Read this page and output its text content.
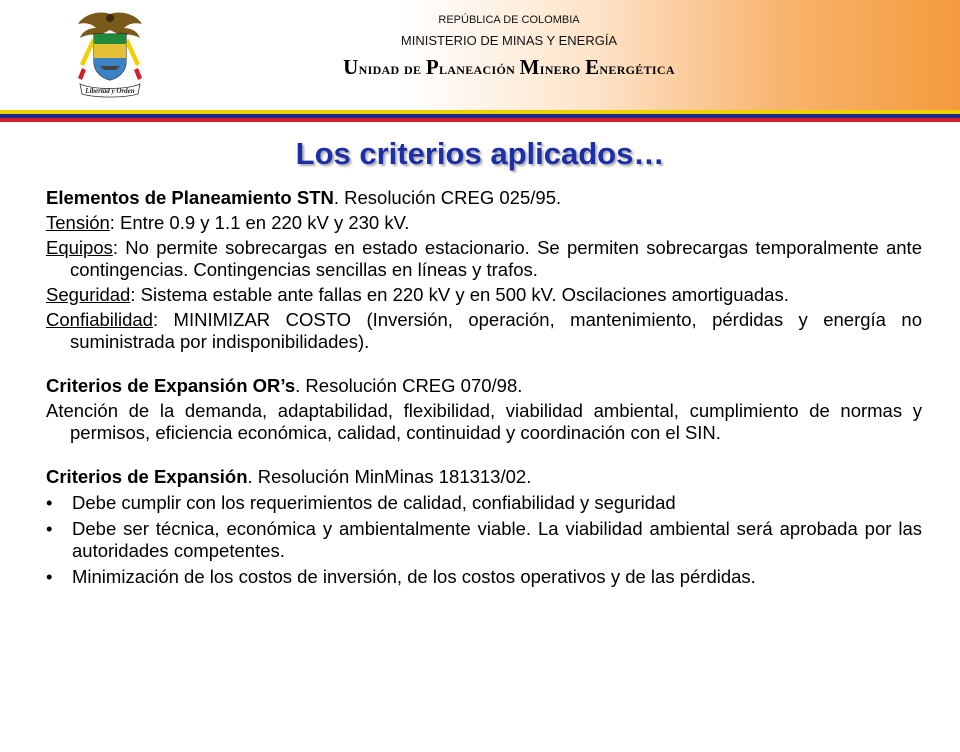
Libertad y Orden
REPÚBLICA DE COLOMBIA
MINISTERIO DE MINAS Y ENERGÍA
Unidad de Planeación Minero Energética
Los criterios aplicados…
Elementos de Planeamiento STN. Resolución CREG 025/95.
Tensión: Entre 0.9 y 1.1 en 220 kV y 230 kV.
Equipos: No permite sobrecargas en estado estacionario. Se permiten sobrecargas temporalmente ante contingencias. Contingencias sencillas en líneas y trafos.
Seguridad: Sistema estable ante fallas en 220 kV y en 500 kV. Oscilaciones amortiguadas.
Confiabilidad: MINIMIZAR COSTO (Inversión, operación, mantenimiento, pérdidas y energía no suministrada por indisponibilidades).
Criterios de Expansión OR’s. Resolución CREG 070/98.
Atención de la demanda, adaptabilidad, flexibilidad, viabilidad ambiental, cumplimiento de normas y permisos, eficiencia económica, calidad, continuidad y coordinación con el SIN.
Criterios de Expansión. Resolución MinMinas 181313/02.
• Debe cumplir con los requerimientos de calidad, confiabilidad y seguridad
• Debe ser técnica, económica y ambientalmente viable. La viabilidad ambiental será aprobada por las autoridades competentes.
• Minimización de los costos de inversión, de los costos operativos y de las pérdidas.
